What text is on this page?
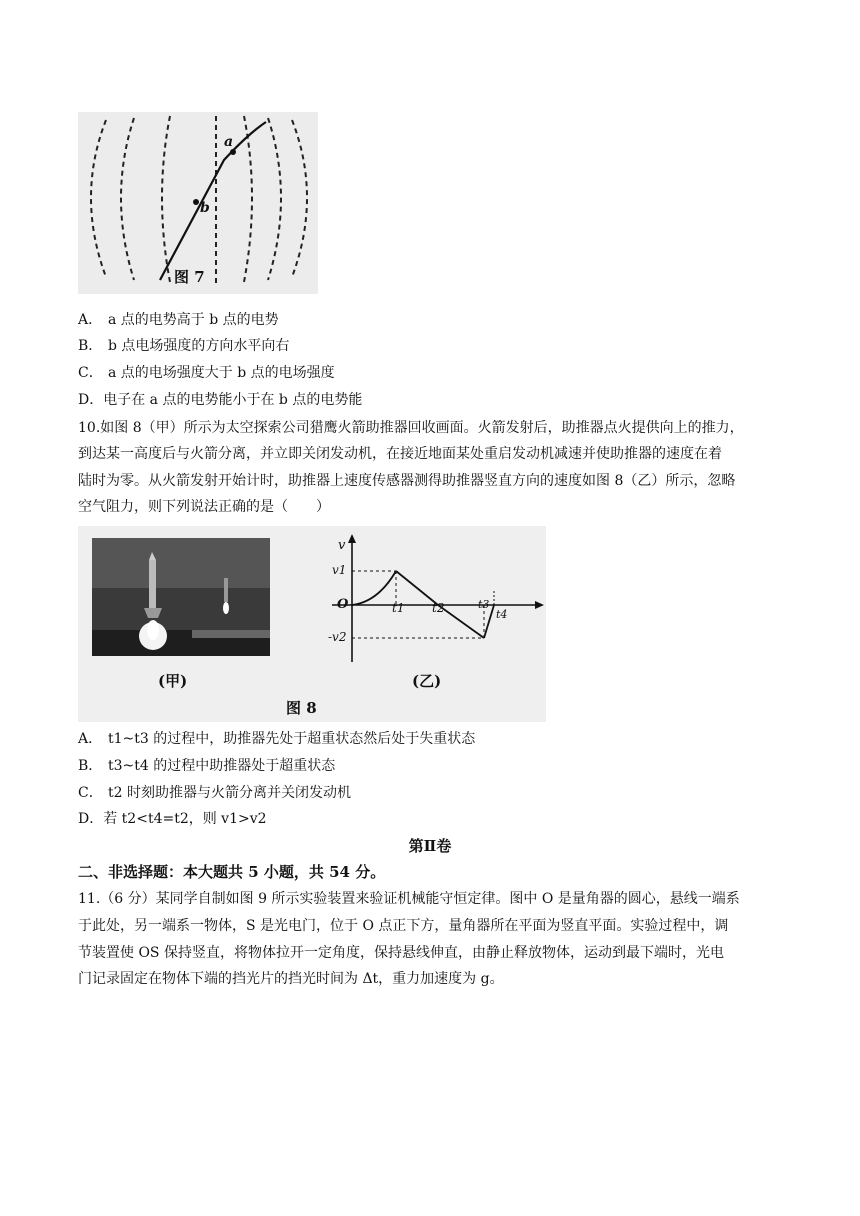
a
b
图 7
A． a 点的电势高于 b 点的电势
B． b 点电场强度的方向水平向右
C． a 点的电场强度大于 b 点的电场强度
D．电子在 a 点的电势能小于在 b 点的电势能
10.如图 8（甲）所示为太空探索公司猎鹰火箭助推器回收画面。火箭发射后，助推器点火提供向上的推力，
到达某一高度后与火箭分离，并立即关闭发动机，在接近地面某处重启发动机减速并使助推器的速度在着
陆时为零。从火箭发射开始计时，助推器上速度传感器测得助推器竖直方向的速度如图 8（乙）所示，忽略
空气阻力，则下列说法正确的是（　　）
v
v1
O	t1 t2	t3
t4
-v2
(甲)	(乙)
图 8
A． t1~t3 的过程中，助推器先处于超重状态然后处于失重状态
B． t3~t4 的过程中助推器处于超重状态
C． t2 时刻助推器与火箭分离并关闭发动机
D．若 t2<t4=t2，则 v1>v2
第Ⅱ卷
二、非选择题：本大题共 5 小题，共 54 分。
11.（6 分）某同学自制如图 9 所示实验装置来验证机械能守恒定律。图中 O 是量角器的圆心，悬线一端系
于此处，另一端系一物体，S 是光电门，位于 O 点正下方，量角器所在平面为竖直平面。实验过程中，调
节装置使 OS 保持竖直，将物体拉开一定角度，保持悬线伸直，由静止释放物体，运动到最下端时，光电
门记录固定在物体下端的挡光片的挡光时间为 Δt，重力加速度为 g。
